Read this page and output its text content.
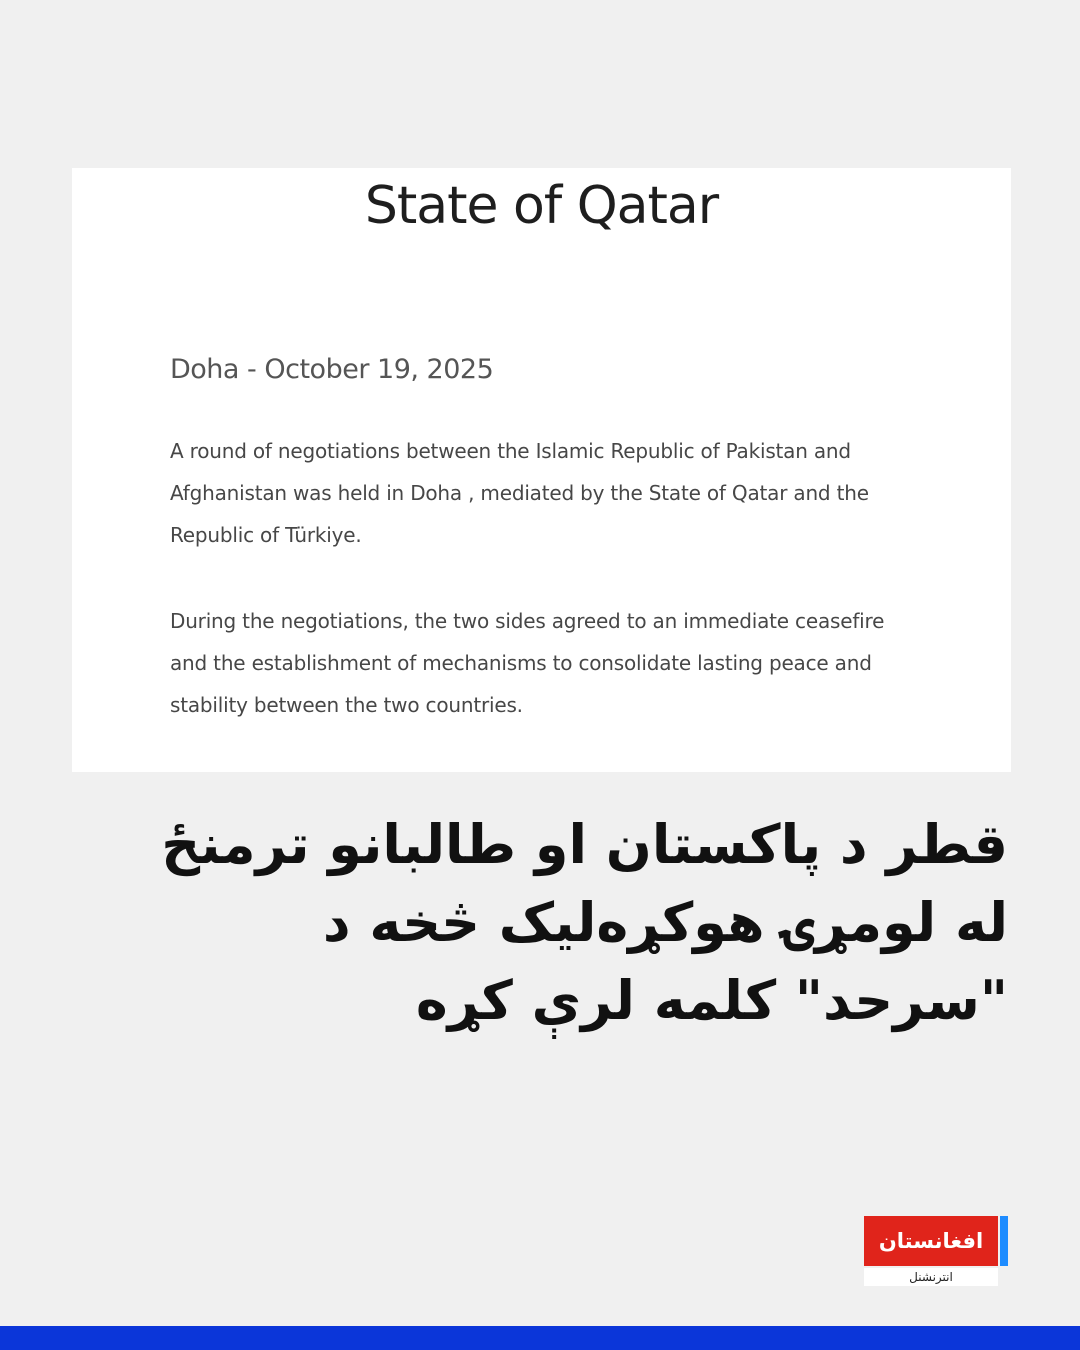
State of Qatar

Doha - October 19, 2025

A round of negotiations between the Islamic Republic of Pakistan and Afghanistan was held in Doha , mediated by the State of Qatar and the Republic of Türkiye.

During the negotiations, the two sides agreed to an immediate ceasefire and the establishment of mechanisms to consolidate lasting peace and stability between the two countries.

قطر د پاکستان او طالبانو ترمنځ له لومړۍ هوکړه‌لیک څخه د "سرحد" کلمه لرې کړه
افغانستان
انترنشنل
